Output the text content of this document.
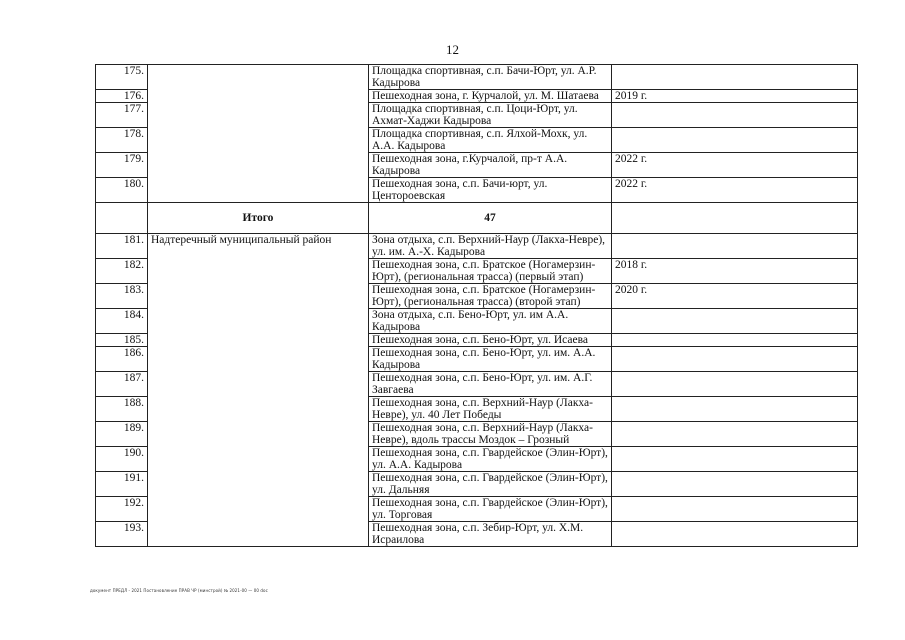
12
175.		Площадка спортивная, с.п. Бачи-Юрт, ул. А.Р. Кадырова	
176.		Пешеходная зона, г. Курчалой, ул. М. Шатаева	2019 г.
177.		Площадка спортивная, с.п. Цоци-Юрт, ул. Ахмат-Хаджи Кадырова	
178.		Площадка спортивная, с.п. Ялхой-Мохк, ул. А.А. Кадырова	
179.		Пешеходная зона, г.Курчалой, пр-т А.А. Кадырова	2022 г.
180.		Пешеходная зона, с.п. Бачи-юрт, ул. Центороевская	2022 г.
	Итого	47	
181.	Надтеречный муниципальный район	Зона отдыха, с.п. Верхний-Наур (Лакха-Невре), ул. им. А.-Х. Кадырова	
182.		Пешеходная зона, с.п. Братское (Ногамерзин-Юрт), (региональная трасса) (первый этап)	2018 г.
183.		Пешеходная зона, с.п. Братское (Ногамерзин-Юрт), (региональная трасса) (второй этап)	2020 г.
184.		Зона отдыха, с.п. Бено-Юрт, ул. им А.А. Кадырова	
185.		Пешеходная зона, с.п. Бено-Юрт, ул. Исаева	
186.		Пешеходная зона, с.п. Бено-Юрт, ул. им. А.А. Кадырова	
187.		Пешеходная зона, с.п. Бено-Юрт, ул. им. А.Г. Завгаева	
188.		Пешеходная зона, с.п. Верхний-Наур (Лакха-Невре), ул. 40 Лет Победы	
189.		Пешеходная зона, с.п. Верхний-Наур (Лакха-Невре), вдоль трассы Моздок – Грозный	
190.		Пешеходная зона, с.п. Гвардейское (Элин-Юрт), ул. А.А. Кадырова	
191.		Пешеходная зона, с.п. Гвардейское (Элин-Юрт), ул. Дальняя	
192.		Пешеходная зона, с.п. Гвардейское (Элин-Юрт), ул. Торговая	
193.		Пешеходная зона, с.п. Зебир-Юрт, ул. Х.М. Исраилова	
документ ПРЕДЛ - 2021 Постановление ПРАВ ЧР (минстрой) № 2021-00 — 00 doc
